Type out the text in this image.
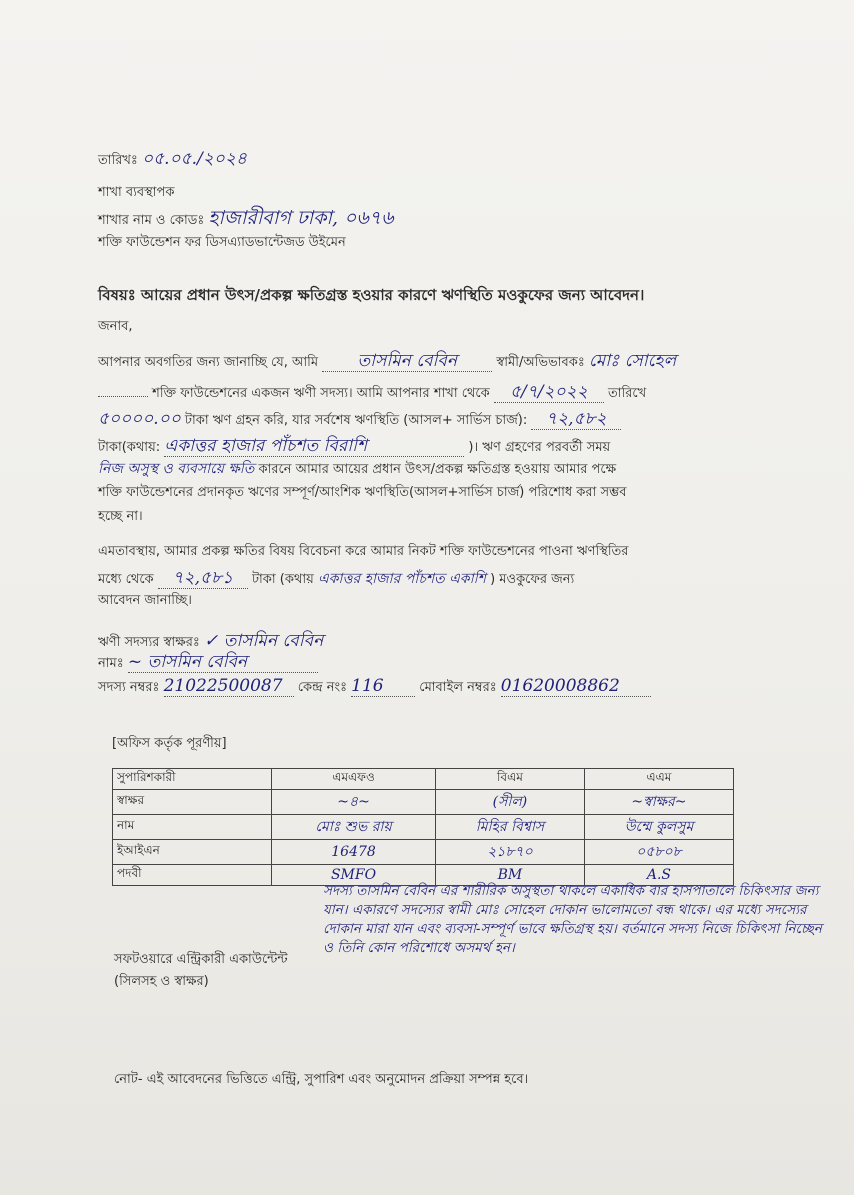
তারিখঃ ০৫.০৫./২০২৪
শাখা ব্যবস্থাপক
শাখার নাম ও কোডঃ হাজারীবাগ ঢাকা, ০৬৭৬
শক্তি ফাউন্ডেশন ফর ডিসএ্যাডভান্টেজড উইমেন
বিষয়ঃ আয়ের প্রধান উৎস/প্রকল্প ক্ষতিগ্রস্ত হওয়ার কারণে ঋণস্থিতি মওকুফের জন্য আবেদন।
জনাব,
আপনার অবগতির জন্য জানাচ্ছি যে, আমি তাসমিন বেবিন	স্বামী/অভিভাবকঃ মোঃ সোহেল
শক্তি ফাউন্ডেশনের একজন ঋণী সদস্য। আমি আপনার শাখা থেকে ৫/৭/২০২২ তারিখে
৫০০০০.০০ টাকা ঋণ গ্রহন করি, যার সর্বশেষ ঋণস্থিতি (আসল+ সার্ভিস চার্জ): ৭২,৫৮২
টাকা(কথায়: একাত্তর হাজার পাঁচশত বিরাশি	)। ঋণ গ্রহণের পরবর্তী সময়
নিজ অসুস্থ ও ব্যবসায়ে ক্ষতি কারনে আমার আয়ের প্রধান উৎস/প্রকল্প ক্ষতিগ্রস্ত হওয়ায় আমার পক্ষে
শক্তি ফাউন্ডেশনের প্রদানকৃত ঋণের সম্পূর্ণ/আংশিক ঋণস্থিতি(আসল+সার্ভিস চার্জ) পরিশোধ করা সম্ভব
হচ্ছে না।
এমতাবস্থায়, আমার প্রকল্প ক্ষতির বিষয় বিবেচনা করে আমার নিকট শক্তি ফাউন্ডেশনের পাওনা ঋণস্থিতির
মধ্যে থেকে ৭২,৫৮১ টাকা (কথায় একাত্তর হাজার পাঁচশত একাশি ) মওকুফের জন্য
আবেদন জানাচ্ছি।
ঋণী সদস্যর স্বাক্ষরঃ ✓ তাসমিন বেবিন
নামঃ ~ তাসমিন বেবিন
সদস্য নম্বরঃ 21022500087 কেন্দ্র নংঃ 116	মোবাইল নম্বরঃ 01620008862
[অফিস কর্তৃক পূরণীয়]
সুপারিশকারী	এমএফও	বিএম	এএম
স্বাক্ষর	~৪~	(সীল)	~স্বাক্ষর~
নাম	মোঃ শুভ রায়	মিহির বিশ্বাস	উম্মে কুলসুম
ইআইএন	16478	২১৮৭০	০৫৮০৮
পদবী	SMFO	BM	A.S
সফটওয়ারে এন্ট্রিকারী একাউন্টেন্ট
(সিলসহ ও স্বাক্ষর)
সদস্য তাসমিন বেবিন এর শারীরিক অসুস্থতা থাকলে একাধিক বার হাসপাতালে চিকিৎসার জন্য যান। একারণে সদস্যের স্বামী মোঃ সোহেল দোকান ভালোমতো বন্ধ থাকে। এর মধ্যে সদস্যের দোকান মারা যান এবং ব্যবসা-সম্পূর্ণ ভাবে ক্ষতিগ্রস্থ হয়। বর্তমানে সদস্য নিজে চিকিৎসা নিচ্ছেন ও তিনি কোন পরিশোধে অসমর্থ হন।
নোট- এই আবেদনের ভিত্তিতে এন্ট্রি, সুপারিশ এবং অনুমোদন প্রক্রিয়া সম্পন্ন হবে।
